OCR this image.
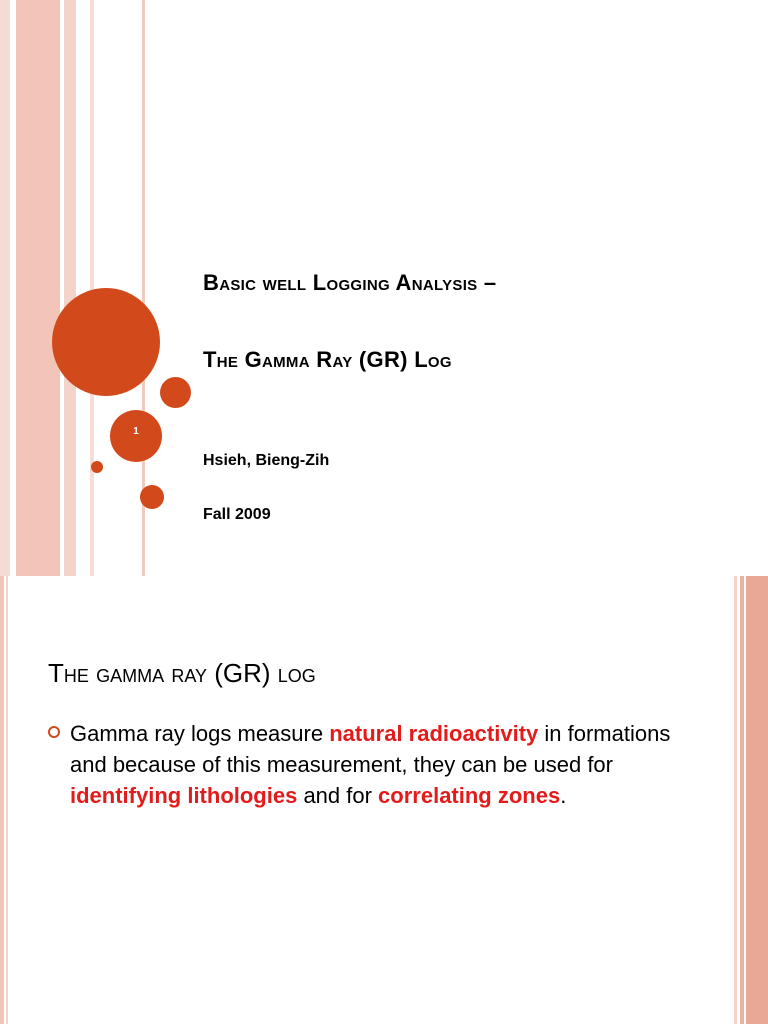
1
Basic well Logging Analysis –
The Gamma Ray (GR) Log
Hsieh, Bieng-Zih
Fall 2009
The gamma ray (GR) log
Gamma ray logs measure natural radioactivity in formations and because of this measurement, they can be used for identifying lithologies and for correlating zones.
